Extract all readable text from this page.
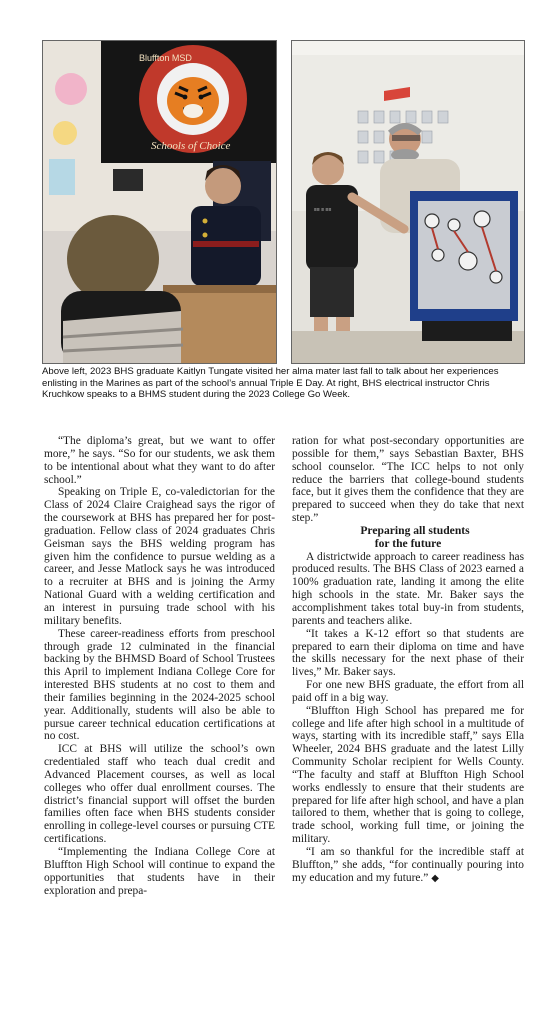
Bluffton MSD
Schools of Choice
≡≡ ≡ ≡≡
Above left, 2023 BHS graduate Kaitlyn Tungate visited her alma mater last fall to talk about her experiences enlisting in the Marines as part of the school’s annual Triple E Day. At right, BHS electrical instructor Chris Kruchkow speaks to a BHMS student during the 2023 College Go Week.

“The diploma’s great, but we want to offer more,” he says. “So for our students, we ask them to be intentional about what they want to do after school.”

Speaking on Triple E, co-valedictorian for the Class of 2024 Claire Craighead says the rigor of the coursework at BHS has prepared her for post-graduation. Fellow class of 2024 graduates Chris Geisman says the BHS welding program has given him the confidence to pursue welding as a career, and Jesse Matlock says he was introduced to a recruiter at BHS and is joining the Army National Guard with a welding certification and an interest in pursuing trade school with his military benefits.

These career-readiness efforts from preschool through grade 12 culminated in the financial backing by the BHMSD Board of School Trustees this April to implement Indiana College Core for interested BHS students at no cost to them and their families beginning in the 2024-2025 school year. Additionally, students will also be able to pursue career technical education certifications at no cost.

ICC at BHS will utilize the school’s own credentialed staff who teach dual credit and Advanced Placement courses, as well as local colleges who offer dual enrollment courses. The district’s financial support will offset the burden families often face when BHS students consider enrolling in college-level courses or pursuing CTE certifications.

“Implementing the Indiana College Core at Bluffton High School will continue to expand the opportunities that students have in their exploration and prepa-

ration for what post-secondary opportunities are possible for them,” says Sebastian Baxter, BHS school counselor. “The ICC helps to not only reduce the barriers that college-bound students face, but it gives them the confidence that they are prepared to succeed when they do take that next step.”

Preparing all students
for the future

A districtwide approach to career readiness has produced results. The BHS Class of 2023 earned a 100% graduation rate, landing it among the elite high schools in the state. Mr. Baker says the accomplishment takes total buy-in from students, parents and teachers alike.

“It takes a K-12 effort so that students are prepared to earn their diploma on time and have the skills necessary for the next phase of their lives,” Mr. Baker says.

For one new BHS graduate, the effort from all paid off in a big way.

“Bluffton High School has prepared me for college and life after high school in a multitude of ways, starting with its incredible staff,” says Ella Wheeler, 2024 BHS graduate and the latest Lilly Community Scholar recipient for Wells County. “The faculty and staff at Bluffton High School works endlessly to ensure that their students are prepared for life after high school, and have a plan tailored to them, whether that is going to college, trade school, working full time, or joining the military.

“I am so thankful for the incredible staff at Bluffton,” she adds, “for continually pouring into my education and my future.” ◆
